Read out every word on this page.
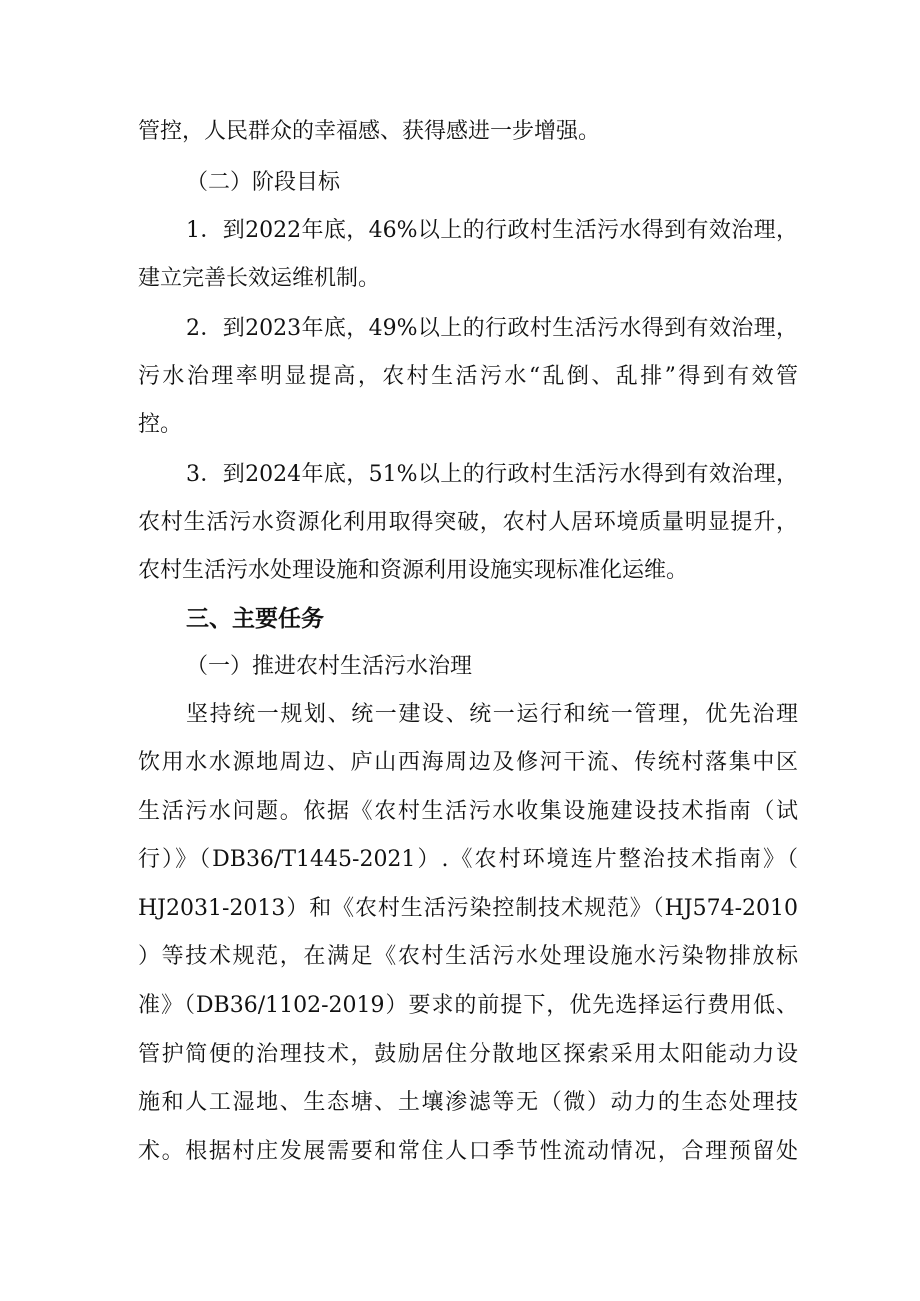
管控，人民群众的幸福感、获得感进一步增强。
（二）阶段目标
1．到2022年底，46%以上的行政村生活污水得到有效治理，
建立完善长效运维机制。
2．到2023年底，49%以上的行政村生活污水得到有效治理，
污水治理率明显提高，农村生活污水“乱倒、乱排”得到有效管
控。
3．到2024年底，51%以上的行政村生活污水得到有效治理，
农村生活污水资源化利用取得突破，农村人居环境质量明显提升，
农村生活污水处理设施和资源利用设施实现标准化运维。
三、主要任务
（一）推进农村生活污水治理
坚持统一规划、统一建设、统一运行和统一管理，优先治理
饮用水水源地周边、庐山西海周边及修河干流、传统村落集中区
生活污水问题。依据《农村生活污水收集设施建设技术指南（试
行）》（DB36/T1445-2021）.《农村环境连片整治技术指南》（
HJ2031-2013）和《农村生活污染控制技术规范》（HJ574-2010
）等技术规范，在满足《农村生活污水处理设施水污染物排放标
准》（DB36/1102-2019）要求的前提下，优先选择运行费用低、
管护简便的治理技术，鼓励居住分散地区探索采用太阳能动力设
施和人工湿地、生态塘、土壤渗滤等无（微）动力的生态处理技
术。根据村庄发展需要和常住人口季节性流动情况，合理预留处
